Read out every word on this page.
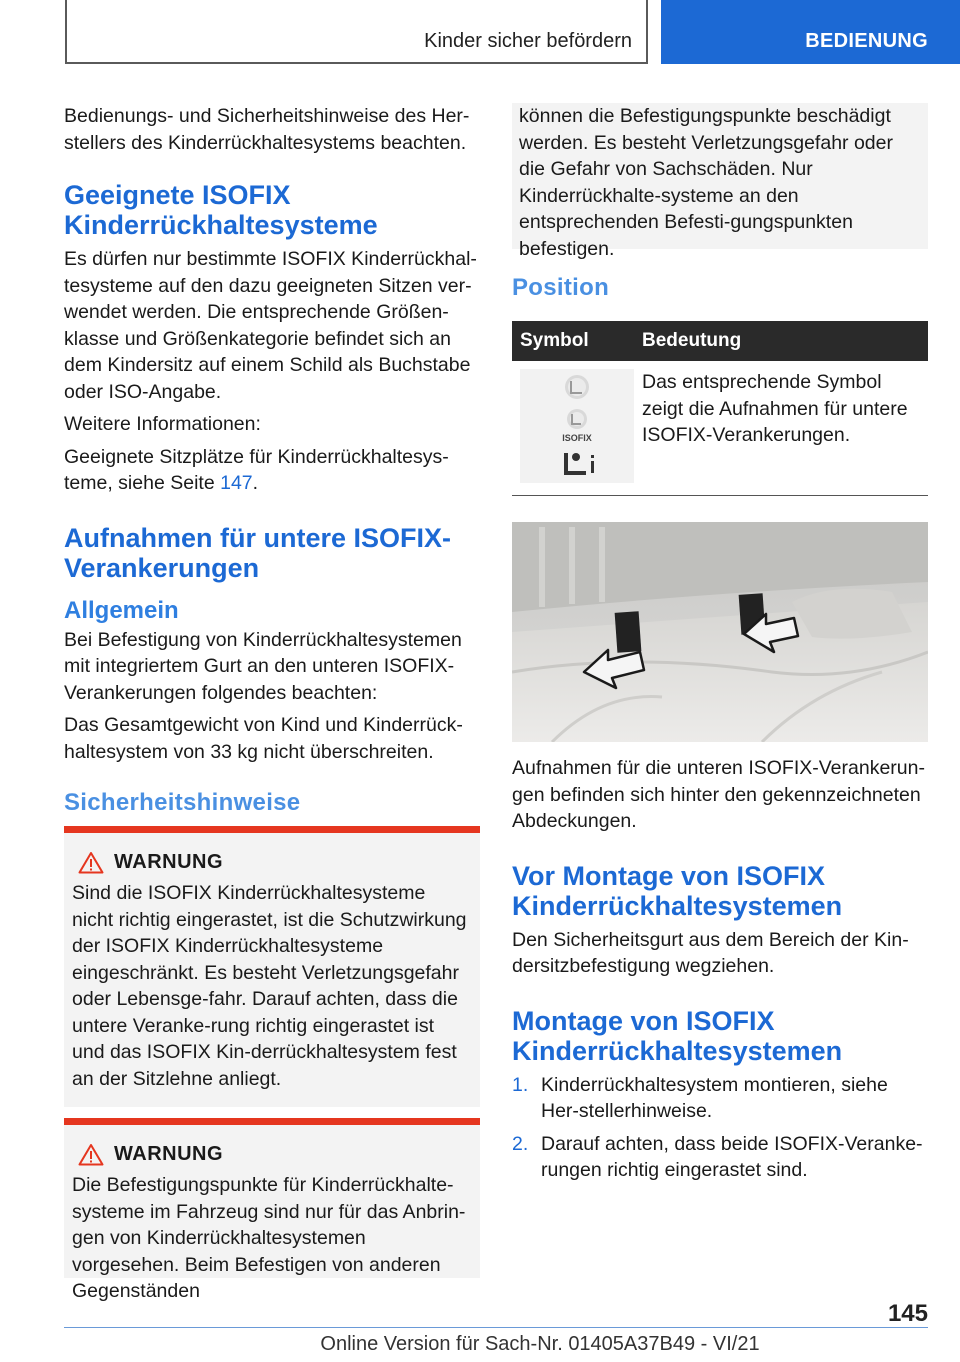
Kinder sicher befördern	BEDIENUNG

Bedienungs- und Sicherheitshinweise des Her-stellers des Kinderrückhaltesystems beachten.

Geeignete ISOFIX
Kinderrückhaltesysteme

Es dürfen nur bestimmte ISOFIX Kinderrückhal-tesysteme auf den dazu geeigneten Sitzen ver-wendet werden. Die entsprechende Größen-klasse und Größenkategorie befindet sich an dem Kindersitz auf einem Schild als Buchstabe oder ISO-Angabe.

Weitere Informationen:

Geeignete Sitzplätze für Kinderrückhaltesys-teme, siehe Seite 147.

Aufnahmen für untere ISOFIX-
Verankerungen
Allgemein

Bei Befestigung von Kinderrückhaltesystemen mit integriertem Gurt an den unteren ISOFIX-Verankerungen folgendes beachten:

Das Gesamtgewicht von Kind und Kinderrück-haltesystem von 33 kg nicht überschreiten.

Sicherheitshinweise
WARNUNG

Sind die ISOFIX Kinderrückhaltesysteme nicht richtig eingerastet, ist die Schutzwirkung der ISOFIX Kinderrückhaltesysteme eingeschränkt. Es besteht Verletzungsgefahr oder Lebensge-fahr. Darauf achten, dass die untere Veranke-rung richtig eingerastet ist und das ISOFIX Kin-derrückhaltesystem fest an der Sitzlehne anliegt.

WARNUNG

Die Befestigungspunkte für Kinderrückhalte-systeme im Fahrzeug sind nur für das Anbrin-gen von Kinderrückhaltesystemen vorgesehen. Beim Befestigen von anderen Gegenständen

können die Befestigungspunkte beschädigt werden. Es besteht Verletzungsgefahr oder die Gefahr von Sachschäden. Nur Kinderrückhalte-systeme an den entsprechenden Befesti-gungspunkten befestigen.

Position
Symbol	Bedeutung

ISOFIX	Das entsprechende Symbol zeigt die Aufnahmen für untere ISOFIX-Verankerungen.

Aufnahmen für die unteren ISOFIX-Verankerun-gen befinden sich hinter den gekennzeichneten Abdeckungen.

Vor Montage von ISOFIX
Kinderrückhaltesystemen

Den Sicherheitsgurt aus dem Bereich der Kin-dersitzbefestigung wegziehen.

Montage von ISOFIX
Kinderrückhaltesystemen
1. Kinderrückhaltesystem montieren, siehe Her-stellerhinweise.

2. Darauf achten, dass beide ISOFIX-Veranke-rungen richtig eingerastet sind.

145
Online Version für Sach-Nr. 01405A37B49 - VI/21
